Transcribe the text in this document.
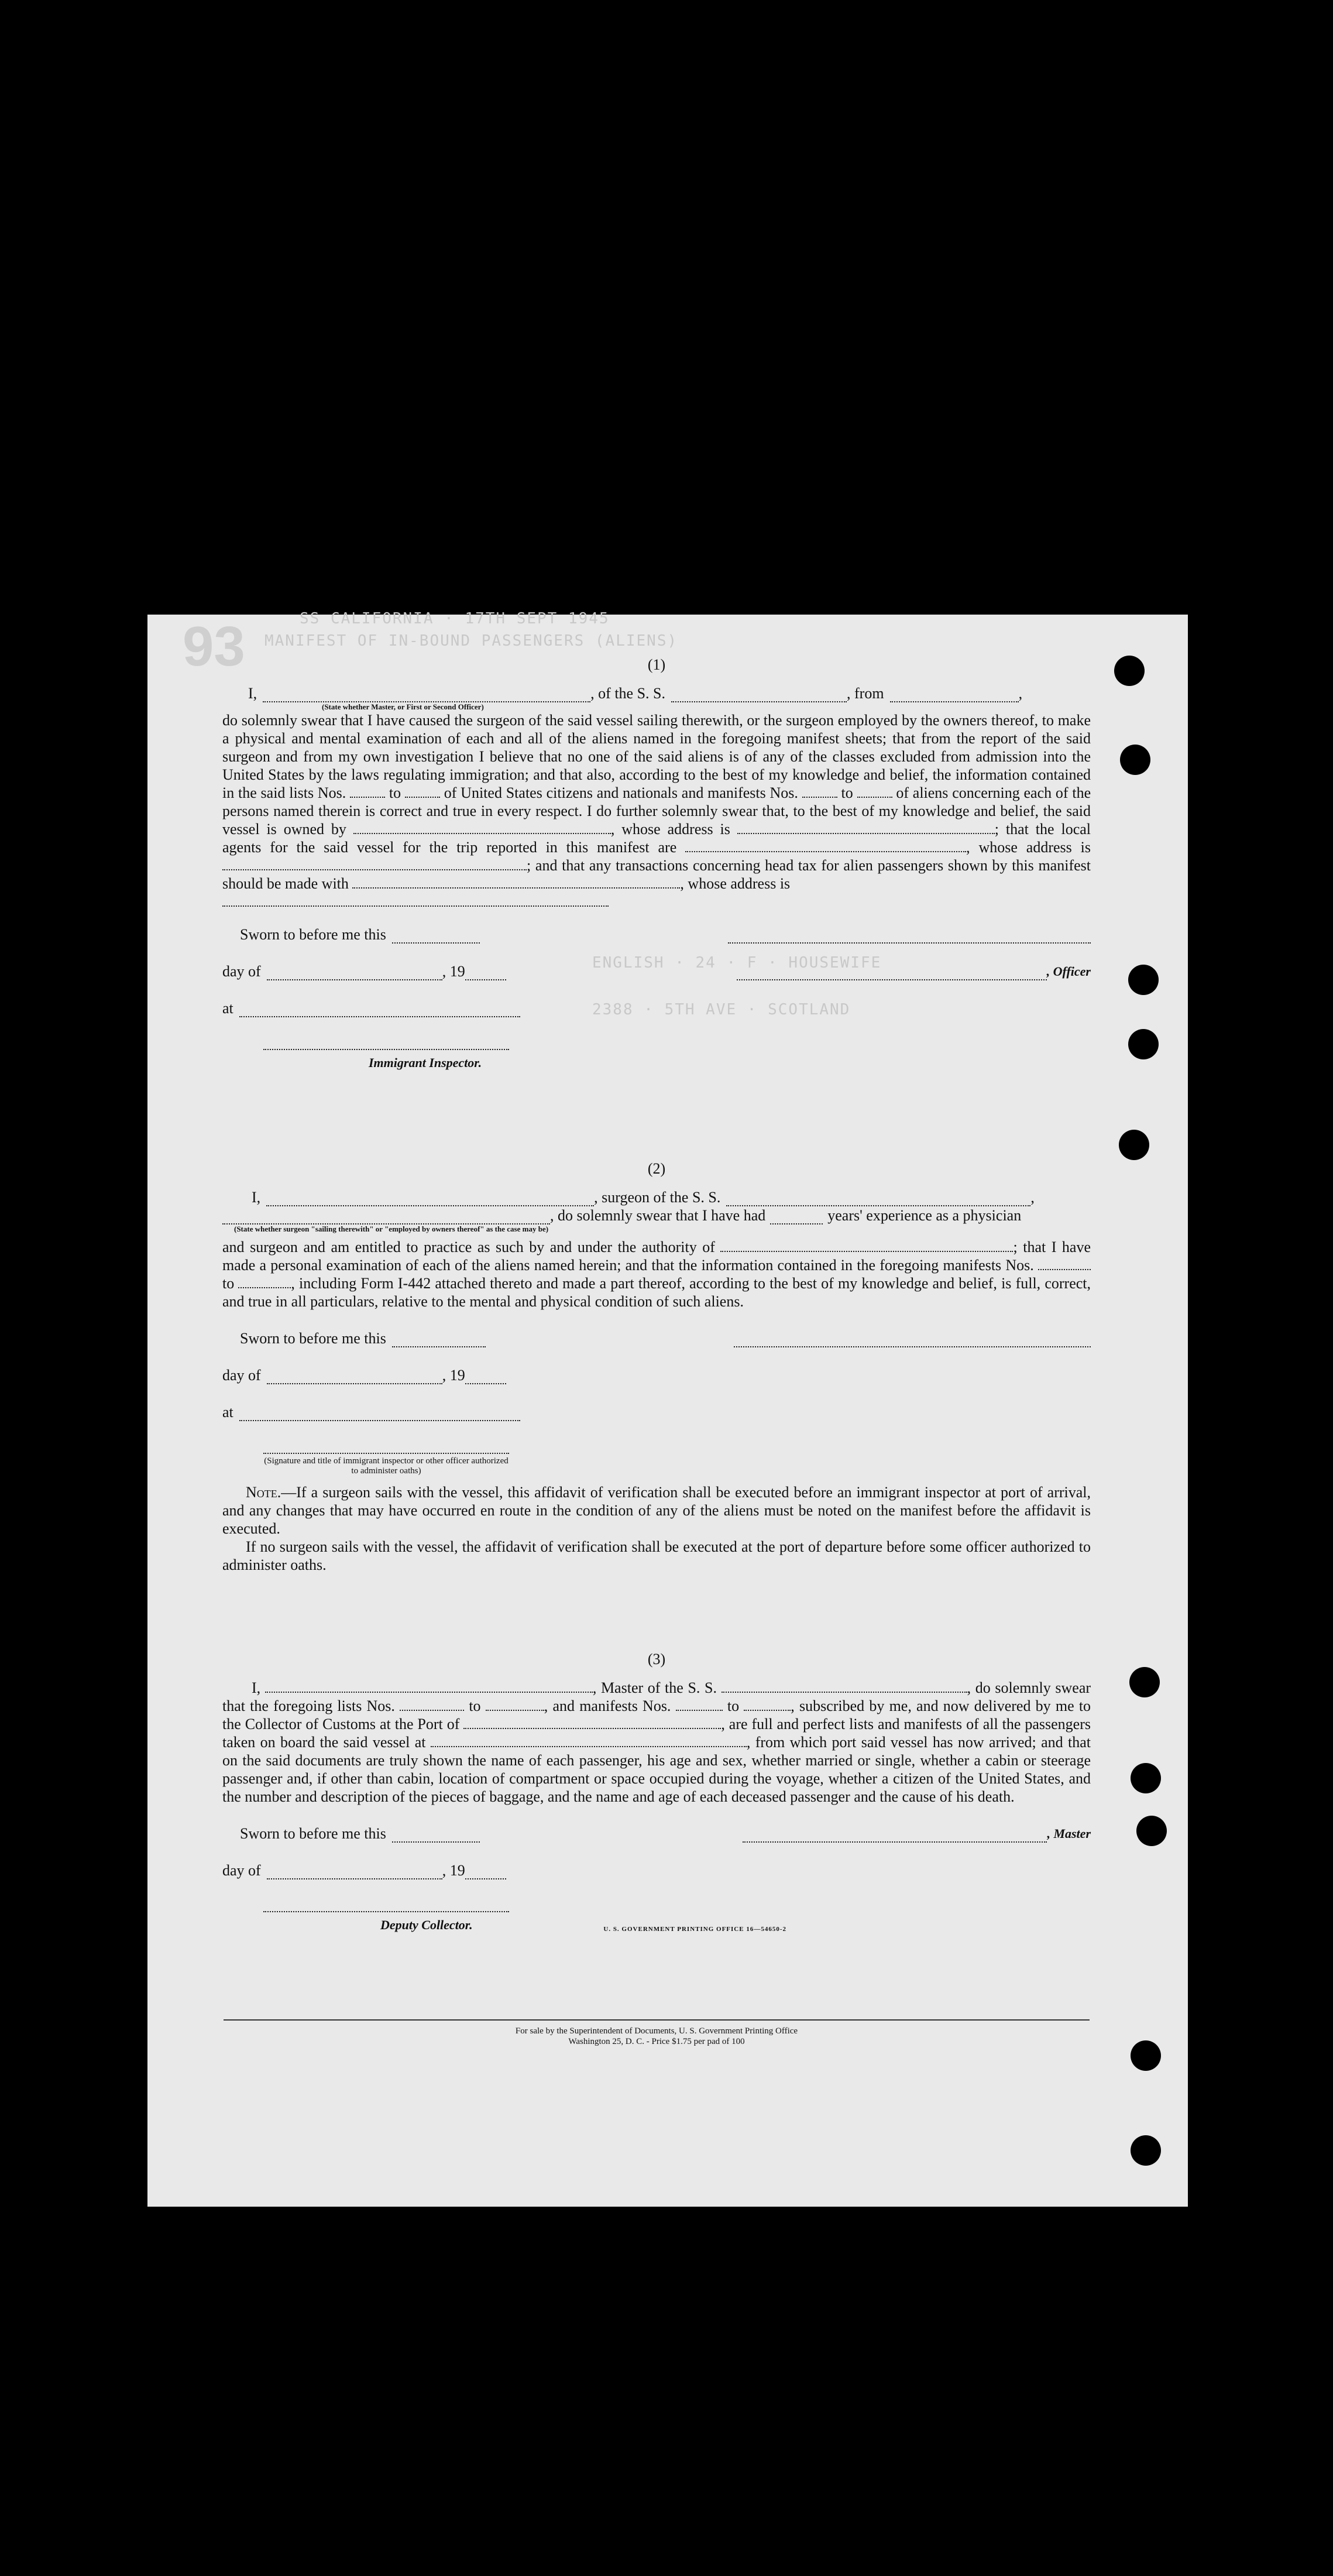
93 MANIFEST OF IN-BOUND PASSENGERS (ALIENS)
SS CALIFORNIA · 17TH SEPT 1945
ENGLISH · 24 · F · HOUSEWIFE
2388 · 5TH AVE · SCOTLAND
(1)
I,	, of the S. S.	, from	,
(State whether Master, or First or Second Officer)

do solemnly swear that I have caused the surgeon of the said vessel sailing therewith, or the surgeon employed by the owners thereof, to make a physical and mental examination of each and all of the aliens named in the foregoing manifest sheets; that from the report of the said surgeon and from my own investigation I believe that no one of the said aliens is of any of the classes excluded from admission into the United States by the laws regulating immigration; and that also, according to the best of my knowledge and belief, the information contained in the said lists Nos.	to	of United States citizens and nationals and manifests Nos.	to	of aliens concerning each of the persons named therein is correct and true in every respect. I do further solemnly swear that, to the best of my knowledge and belief, the said vessel is owned by	, whose address is	; that the local agents for the said vessel for the trip reported in this manifest are	, whose address is ; and that any transactions concerning head tax for alien passengers shown by this manifest should be made with	, whose address is

Sworn to before me this
day of	, 19	, Officer
at
Immigrant Inspector.
(2)
I,	, surgeon of the S. S.	,
, do solemnly swear that I have had	years' experience as a physician
(State whether surgeon "sailing therewith" or "employed by owners thereof" as the case may be)

and surgeon and am entitled to practice as such by and under the authority of	; that I have made a personal examination of each of the aliens named herein; and that the information contained in the foregoing manifests Nos.  to	, including Form I-442 attached thereto and made a part thereof, according to the best of my knowledge and belief, is full, correct, and true in all particulars, relative to the mental and physical condition of such aliens.

Sworn to before me this
day of	, 19
at
(Signature and title of immigrant inspector or other officer authorized to administer oaths)

Note.—If a surgeon sails with the vessel, this affidavit of verification shall be executed before an immigrant inspector at port of arrival, and any changes that may have occurred en route in the condition of any of the aliens must be noted on the manifest before the affidavit is executed.

If no surgeon sails with the vessel, the affidavit of verification shall be executed at the port of departure before some officer authorized to administer oaths.

(3)

I,	, Master of the S. S.	, do solemnly swear that the foregoing lists Nos.	to	, and manifests Nos.	to	, subscribed by me, and now delivered by me to the Collector of Customs at the Port of	, are full and perfect lists and manifests of all the passengers taken on board the said vessel at	, from which port said vessel has now arrived; and that on the said documents are truly shown the name of each passenger, his age and sex, whether married or single, whether a cabin or steerage passenger and, if other than cabin, location of compartment or space occupied during the voyage, whether a citizen of the United States, and the number and description of the pieces of baggage, and the name and age of each deceased passenger and the cause of his death.

Sworn to before me this	, Master
day of	, 19
Deputy Collector.	U. S. GOVERNMENT PRINTING OFFICE 16—54650-2
For sale by the Superintendent of Documents, U. S. Government Printing Office
Washington 25, D. C. - Price $1.75 per pad of 100
